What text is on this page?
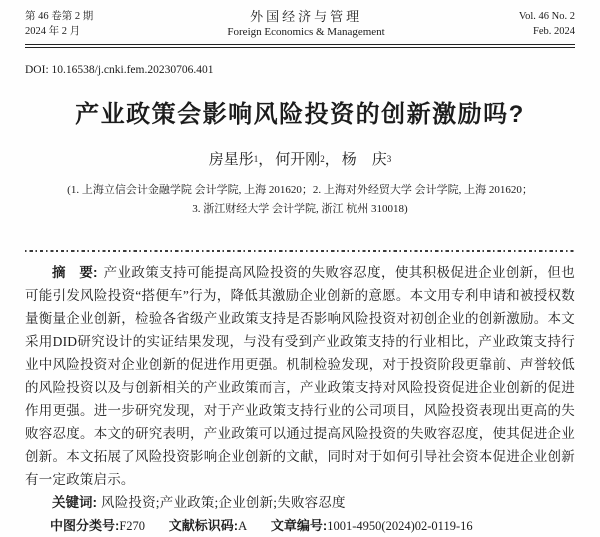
第 46 卷第 2 期
2024 年 2 月
外国经济与管理
Foreign Economics & Management
Vol. 46 No. 2
Feb. 2024
DOI: 10.16538/j.cnki.fem.20230706.401
产业政策会影响风险投资的创新激励吗?
房星彤$^1$， 何开刚$^2$， 杨　庆$^3$
(1. 上海立信会计金融学院 会计学院, 上海 201620；2. 上海对外经贸大学 会计学院, 上海 201620；
3. 浙江财经大学 会计学院, 浙江 杭州 310018)

摘　要: 产业政策支持可能提高风险投资的失败容忍度，使其积极促进企业创新，但也可能引发风险投资“搭便车”行为，降低其激励企业创新的意愿。本文用专利申请和被授权数量衡量企业创新，检验各省级产业政策支持是否影响风险投资对初创企业的创新激励。本文采用DID研究设计的实证结果发现，与没有受到产业政策支持的行业相比，产业政策支持行业中风险投资对企业创新的促进作用更强。机制检验发现，对于投资阶段更靠前、声誉较低的风险投资以及与创新相关的产业政策而言，产业政策支持对风险投资促进企业创新的促进作用更强。进一步研究发现，对于产业政策支持行业的公司项目，风险投资表现出更高的失败容忍度。本文的研究表明，产业政策可以通过提高风险投资的失败容忍度，使其促进企业创新。本文拓展了风险投资影响企业创新的文献，同时对于如何引导社会资本促进企业创新有一定政策启示。

关键词: 风险投资;产业政策;企业创新;失败容忍度

中图分类号:F270 文献标识码:A 文章编号:1001-4950(2024)02-0119-16
